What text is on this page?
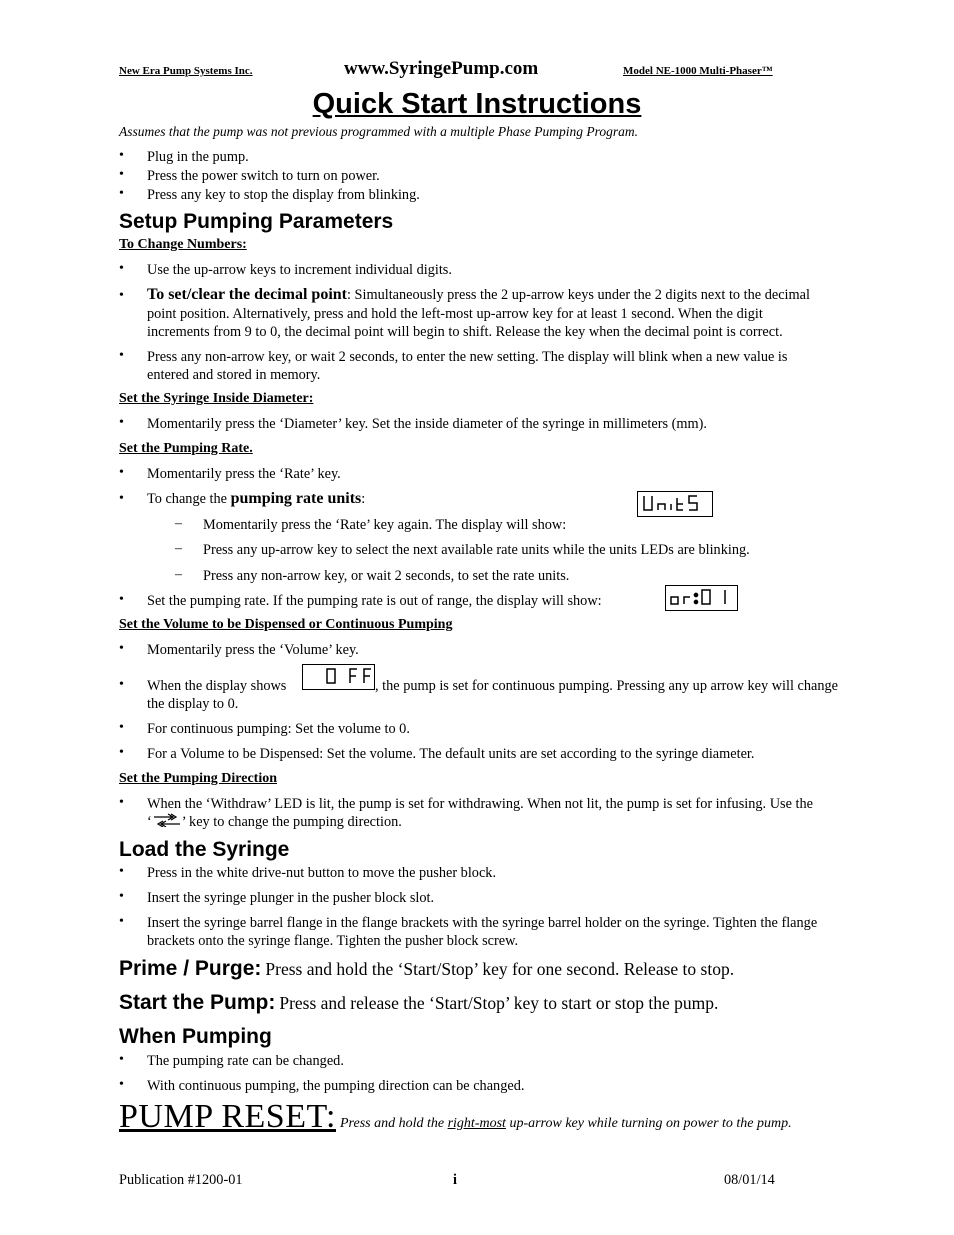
New Era Pump Systems Inc.	www.SyringePump.com	Model NE-1000 Multi-Phaser™
Quick Start Instructions
Assumes that the pump was not previous programmed with a multiple Phase Pumping Program.
• Plug in the pump.
• Press the power switch to turn on power.
• Press any key to stop the display from blinking.
Setup Pumping Parameters
To Change Numbers:
• Use the up-arrow keys to increment individual digits.
• To set/clear the decimal point: Simultaneously press the 2 up-arrow keys under the 2 digits next to the decimal
point position. Alternatively, press and hold the left-most up-arrow key for at least 1 second. When the digit
increments from 9 to 0, the decimal point will begin to shift. Release the key when the decimal point is correct.
• Press any non-arrow key, or wait 2 seconds, to enter the new setting. The display will blink when a new value is
entered and stored in memory.
Set the Syringe Inside Diameter:
• Momentarily press the ‘Diameter’ key. Set the inside diameter of the syringe in millimeters (mm).
Set the Pumping Rate.
• Momentarily press the ‘Rate’ key.
• To change the pumping rate units:
– Momentarily press the ‘Rate’ key again. The display will show:
– Press any up-arrow key to select the next available rate units while the units LEDs are blinking.
– Press any non-arrow key, or wait 2 seconds, to set the rate units.
• Set the pumping rate. If the pumping rate is out of range, the display will show:
Set the Volume to be Dispensed or Continuous Pumping
• Momentarily press the ‘Volume’ key.
• When the display shows	, the pump is set for continuous pumping. Pressing any up arrow key will change
the display to 0.
• For continuous pumping: Set the volume to 0.
• For a Volume to be Dispensed: Set the volume. The default units are set according to the syringe diameter.
Set the Pumping Direction
• When the ‘Withdraw’ LED is lit, the pump is set for withdrawing. When not lit, the pump is set for infusing. Use the
‘ ’ key to change the pumping direction.
Load the Syringe
• Press in the white drive-nut button to move the pusher block.
• Insert the syringe plunger in the pusher block slot.
• Insert the syringe barrel flange in the flange brackets with the syringe barrel holder on the syringe. Tighten the flange
brackets onto the syringe flange. Tighten the pusher block screw.
Prime / Purge: Press and hold the ‘Start/Stop’ key for one second. Release to stop.
Start the Pump: Press and release the ‘Start/Stop’ key to start or stop the pump.
When Pumping
• The pumping rate can be changed.
• With continuous pumping, the pumping direction can be changed.
PUMP RESET: Press and hold the right-most up-arrow key while turning on power to the pump.
Publication #1200-01	i	08/01/14
